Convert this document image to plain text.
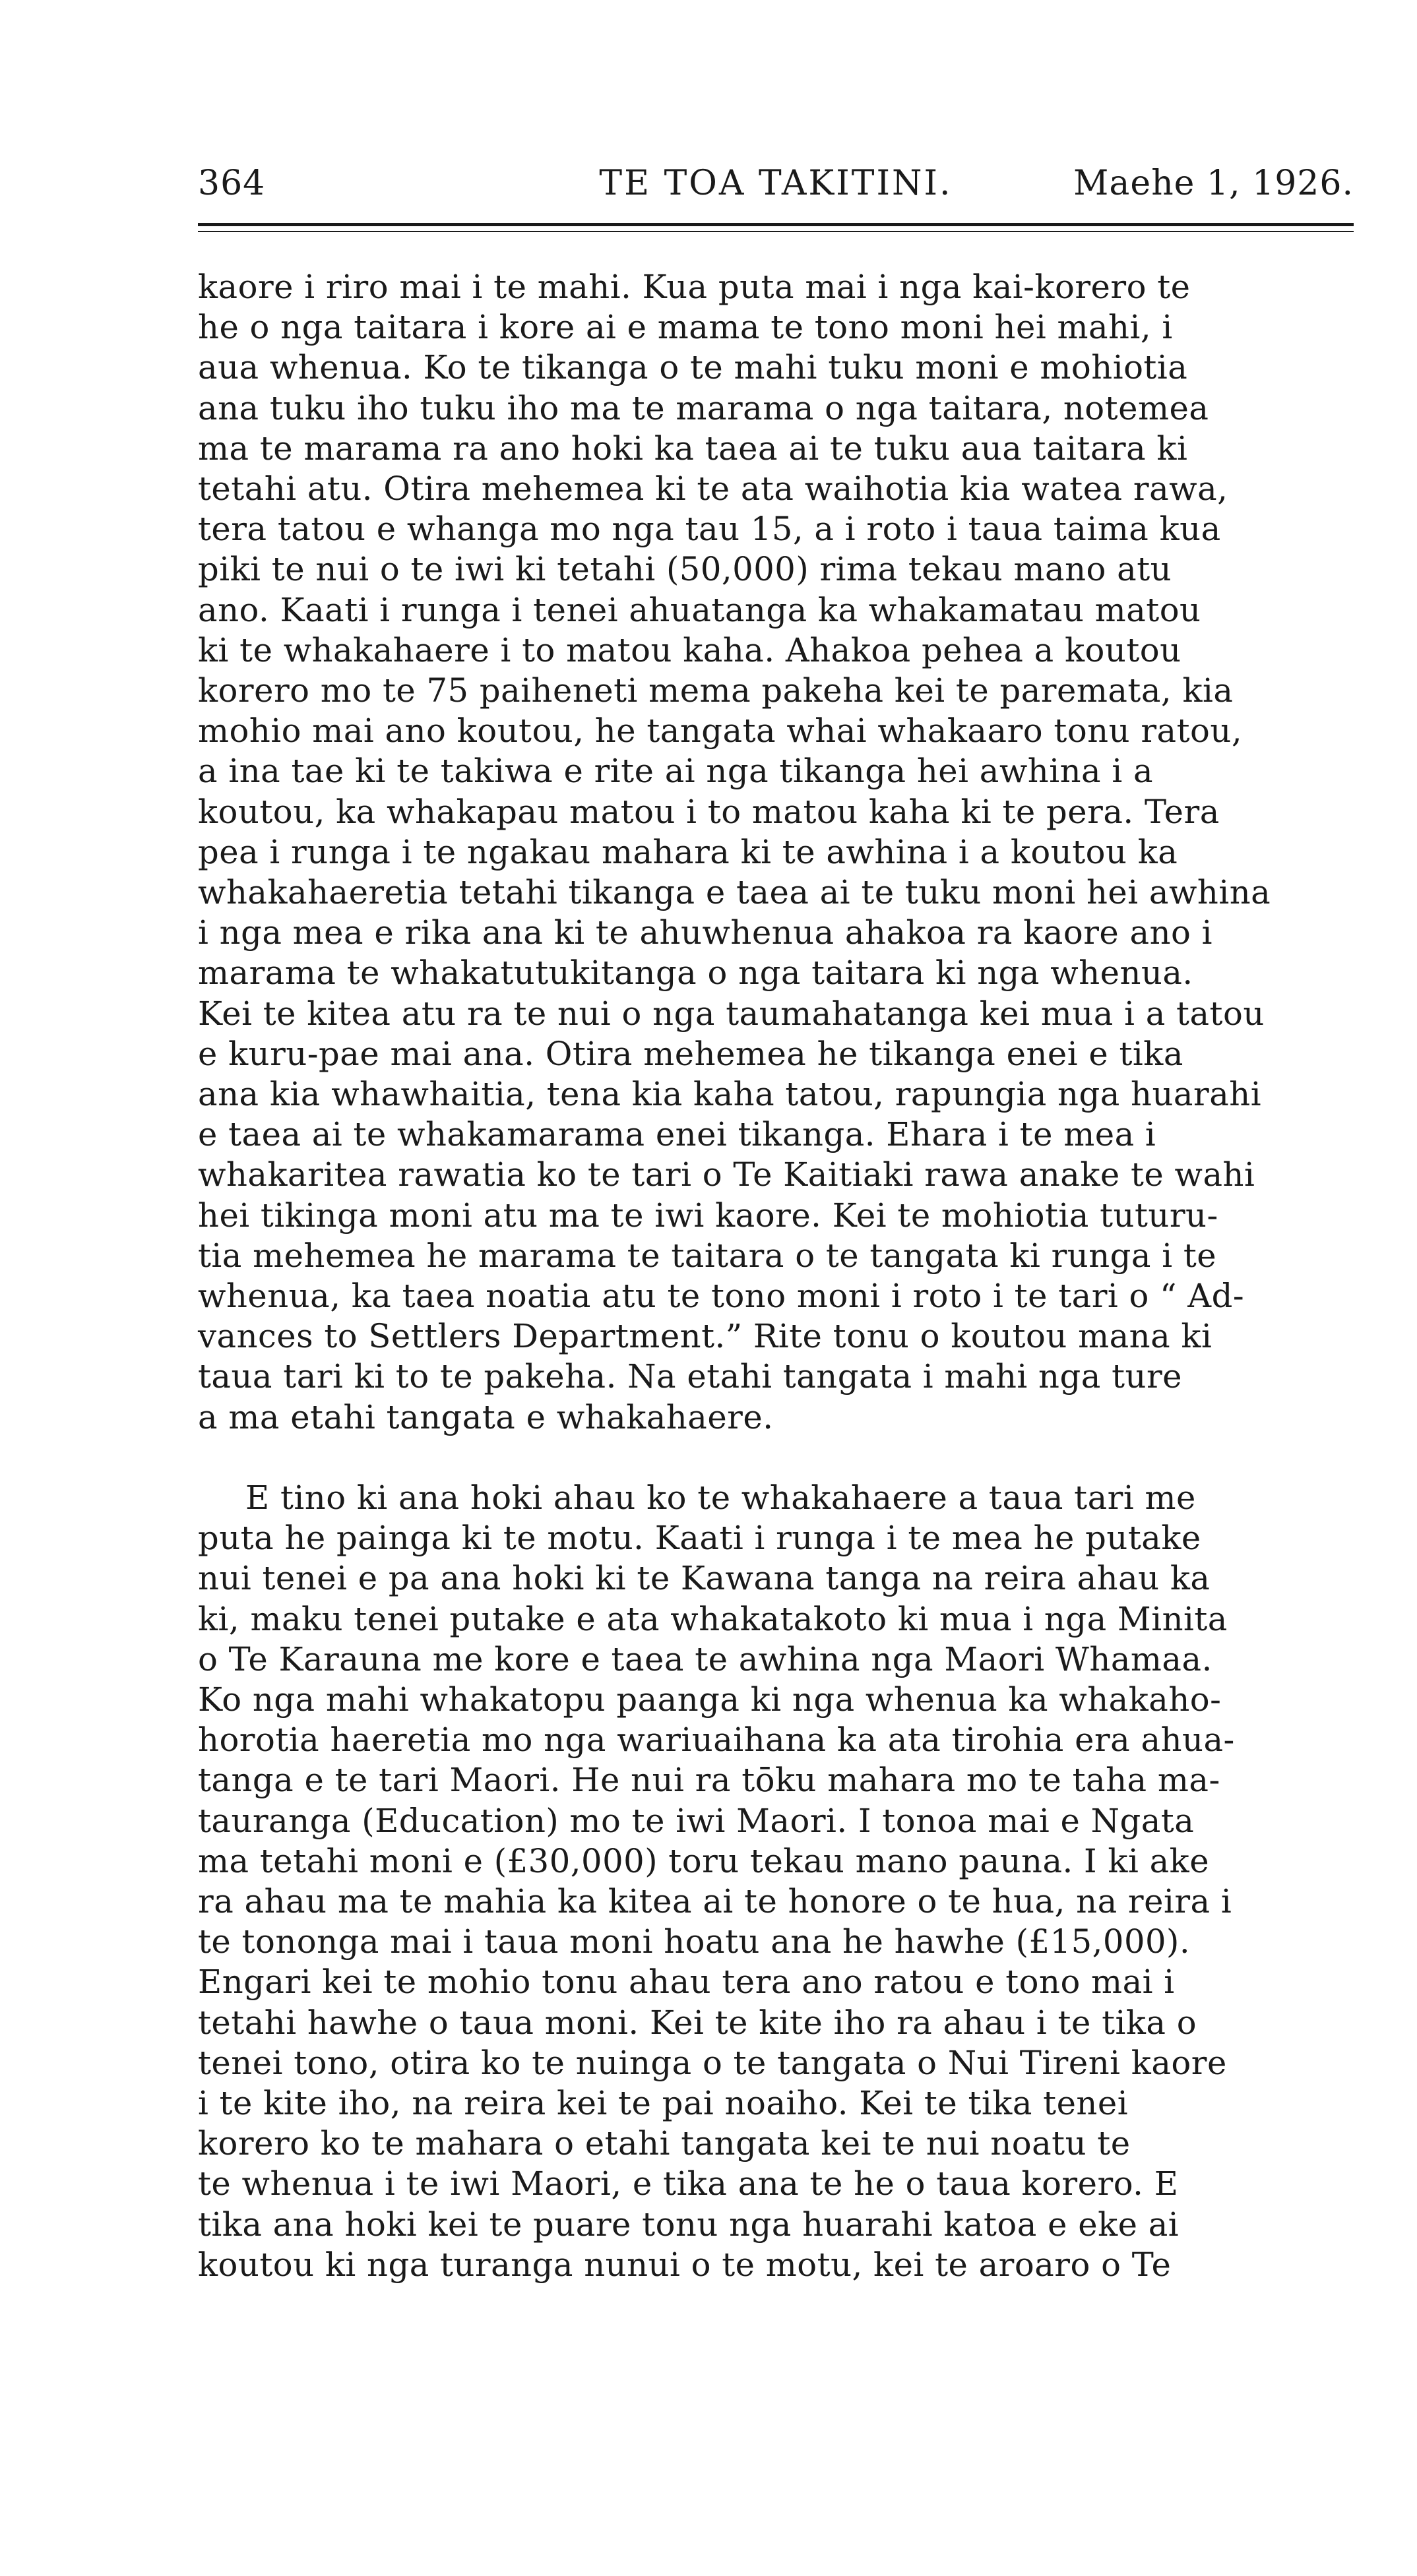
364	TE TOA TAKITINI.	Maehe 1, 1926.
kaore i riro mai i te mahi. Kua puta mai i nga kai-korero te
he o nga taitara i kore ai e mama te tono moni hei mahi, i
aua whenua. Ko te tikanga o te mahi tuku moni e mohiotia
ana tuku iho tuku iho ma te marama o nga taitara, notemea
ma te marama ra ano hoki ka taea ai te tuku aua taitara ki
tetahi atu. Otira mehemea ki te ata waihotia kia watea rawa,
tera tatou e whanga mo nga tau 15, a i roto i taua taima kua
piki te nui o te iwi ki tetahi (50,000) rima tekau mano atu
ano. Kaati i runga i tenei ahuatanga ka whakamatau matou
ki te whakahaere i to matou kaha. Ahakoa pehea a koutou
korero mo te 75 paiheneti mema pakeha kei te paremata, kia
mohio mai ano koutou, he tangata whai whakaaro tonu ratou,
a ina tae ki te takiwa e rite ai nga tikanga hei awhina i a
koutou, ka whakapau matou i to matou kaha ki te pera. Tera
pea i runga i te ngakau mahara ki te awhina i a koutou ka
whakahaeretia tetahi tikanga e taea ai te tuku moni hei awhina
i nga mea e rika ana ki te ahuwhenua ahakoa ra kaore ano i
marama te whakatutukitanga o nga taitara ki nga whenua.
Kei te kitea atu ra te nui o nga taumahatanga kei mua i a tatou
e kuru-pae mai ana. Otira mehemea he tikanga enei e tika
ana kia whawhaitia, tena kia kaha tatou, rapungia nga huarahi
e taea ai te whakamarama enei tikanga. Ehara i te mea i
whakaritea rawatia ko te tari o Te Kaitiaki rawa anake te wahi
hei tikinga moni atu ma te iwi kaore. Kei te mohiotia tuturu-
tia mehemea he marama te taitara o te tangata ki runga i te
whenua, ka taea noatia atu te tono moni i roto i te tari o “ Ad-
vances to Settlers Department.” Rite tonu o koutou mana ki
taua tari ki to te pakeha. Na etahi tangata i mahi nga ture
a ma etahi tangata e whakahaere.
E tino ki ana hoki ahau ko te whakahaere a taua tari me
puta he painga ki te motu. Kaati i runga i te mea he putake
nui tenei e pa ana hoki ki te Kawana tanga na reira ahau ka
ki, maku tenei putake e ata whakatakoto ki mua i nga Minita
o Te Karauna me kore e taea te awhina nga Maori Whamaa.
Ko nga mahi whakatopu paanga ki nga whenua ka whakaho-
horotia haeretia mo nga wariuaihana ka ata tirohia era ahua-
tanga e te tari Maori. He nui ra tōku mahara mo te taha ma-
tauranga (Education) mo te iwi Maori. I tonoa mai e Ngata
ma tetahi moni e (£30,000) toru tekau mano pauna. I ki ake
ra ahau ma te mahia ka kitea ai te honore o te hua, na reira i
te tononga mai i taua moni hoatu ana he hawhe (£15,000).
Engari kei te mohio tonu ahau tera ano ratou e tono mai i
tetahi hawhe o taua moni. Kei te kite iho ra ahau i te tika o
tenei tono, otira ko te nuinga o te tangata o Nui Tireni kaore
i te kite iho, na reira kei te pai noaiho. Kei te tika tenei
korero ko te mahara o etahi tangata kei te nui noatu te
te whenua i te iwi Maori, e tika ana te he o taua korero. E
tika ana hoki kei te puare tonu nga huarahi katoa e eke ai
koutou ki nga turanga nunui o te motu, kei te aroaro o Te
